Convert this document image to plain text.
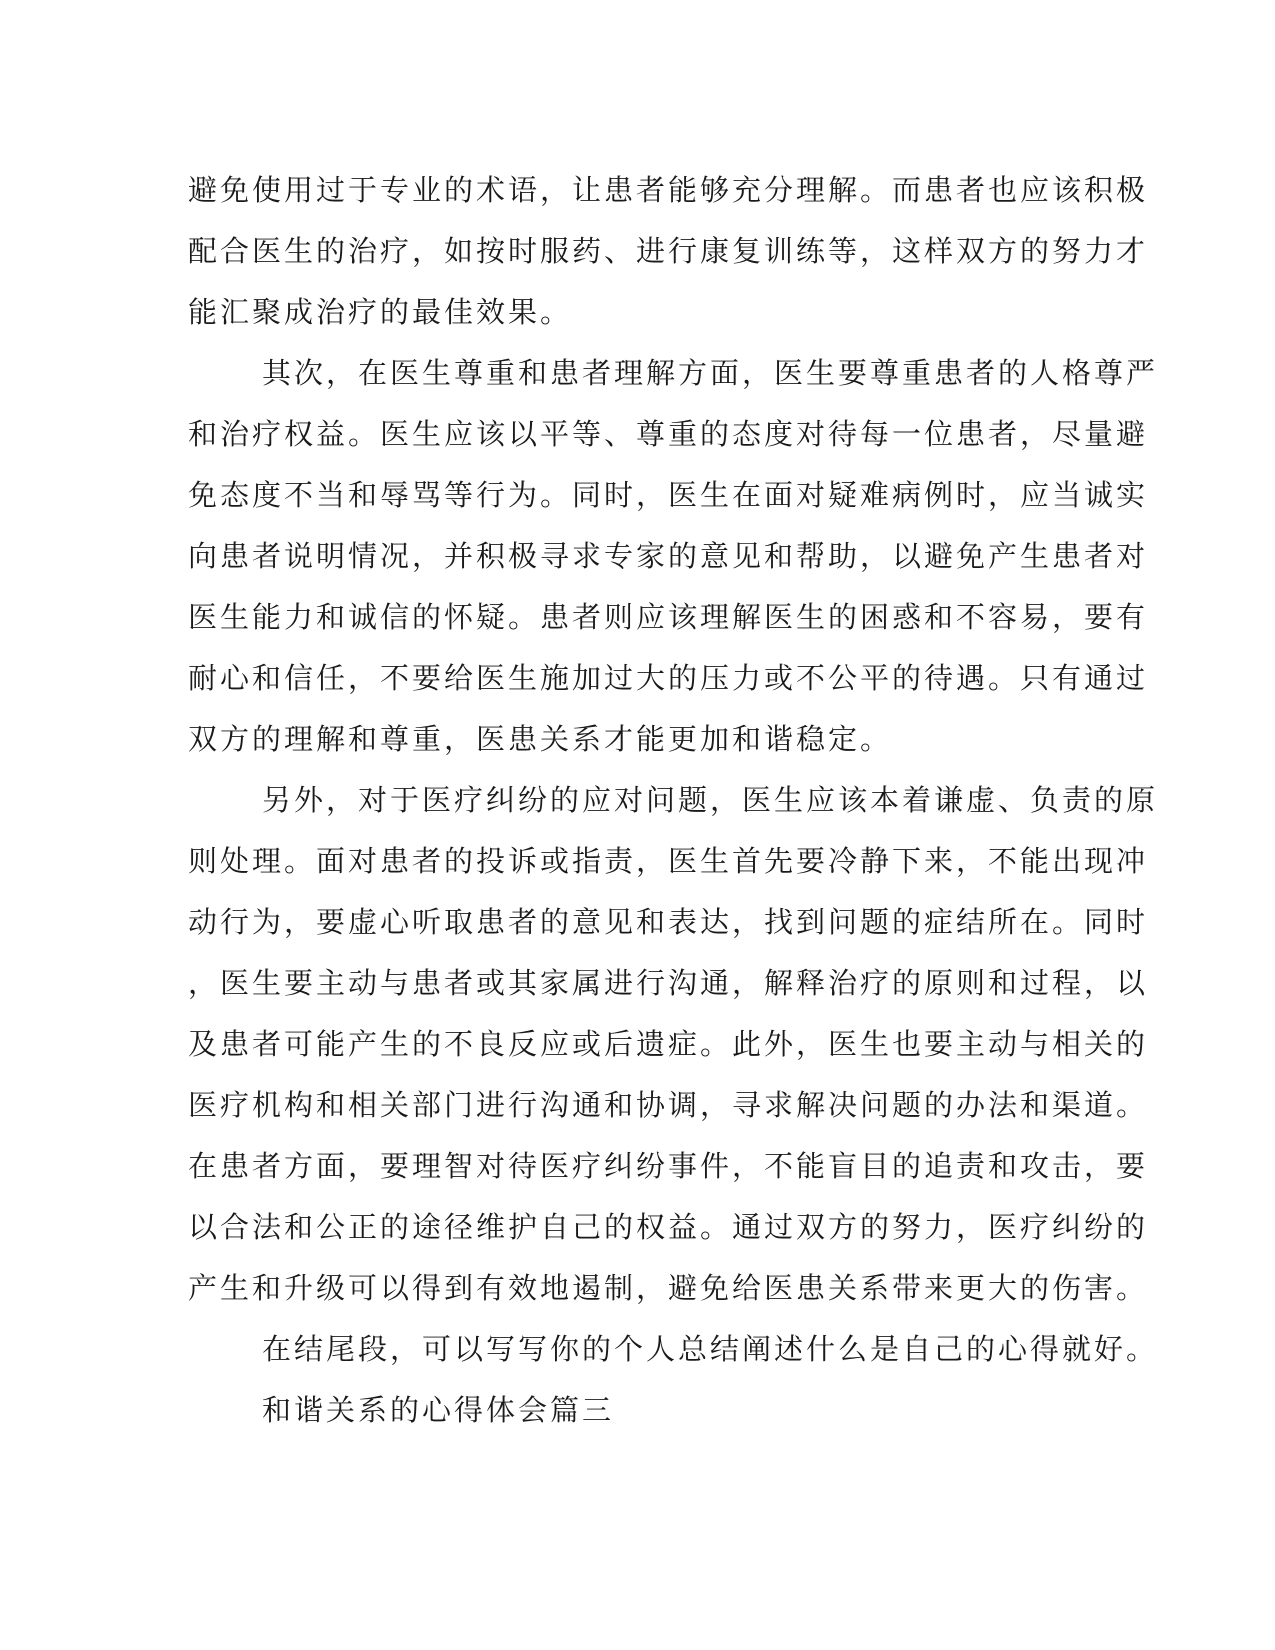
避免使用过于专业的术语，让患者能够充分理解。而患者也应该积极
配合医生的治疗，如按时服药、进行康复训练等，这样双方的努力才
能汇聚成治疗的最佳效果。
其次，在医生尊重和患者理解方面，医生要尊重患者的人格尊严
和治疗权益。医生应该以平等、尊重的态度对待每一位患者，尽量避
免态度不当和辱骂等行为。同时，医生在面对疑难病例时，应当诚实
向患者说明情况，并积极寻求专家的意见和帮助，以避免产生患者对
医生能力和诚信的怀疑。患者则应该理解医生的困惑和不容易，要有
耐心和信任，不要给医生施加过大的压力或不公平的待遇。只有通过
双方的理解和尊重，医患关系才能更加和谐稳定。
另外，对于医疗纠纷的应对问题，医生应该本着谦虚、负责的原
则处理。面对患者的投诉或指责，医生首先要冷静下来，不能出现冲
动行为，要虚心听取患者的意见和表达，找到问题的症结所在。同时
，医生要主动与患者或其家属进行沟通，解释治疗的原则和过程，以
及患者可能产生的不良反应或后遗症。此外，医生也要主动与相关的
医疗机构和相关部门进行沟通和协调，寻求解决问题的办法和渠道。
在患者方面，要理智对待医疗纠纷事件，不能盲目的追责和攻击，要
以合法和公正的途径维护自己的权益。通过双方的努力，医疗纠纷的
产生和升级可以得到有效地遏制，避免给医患关系带来更大的伤害。
在结尾段，可以写写你的个人总结阐述什么是自己的心得就好。
和谐关系的心得体会篇三
